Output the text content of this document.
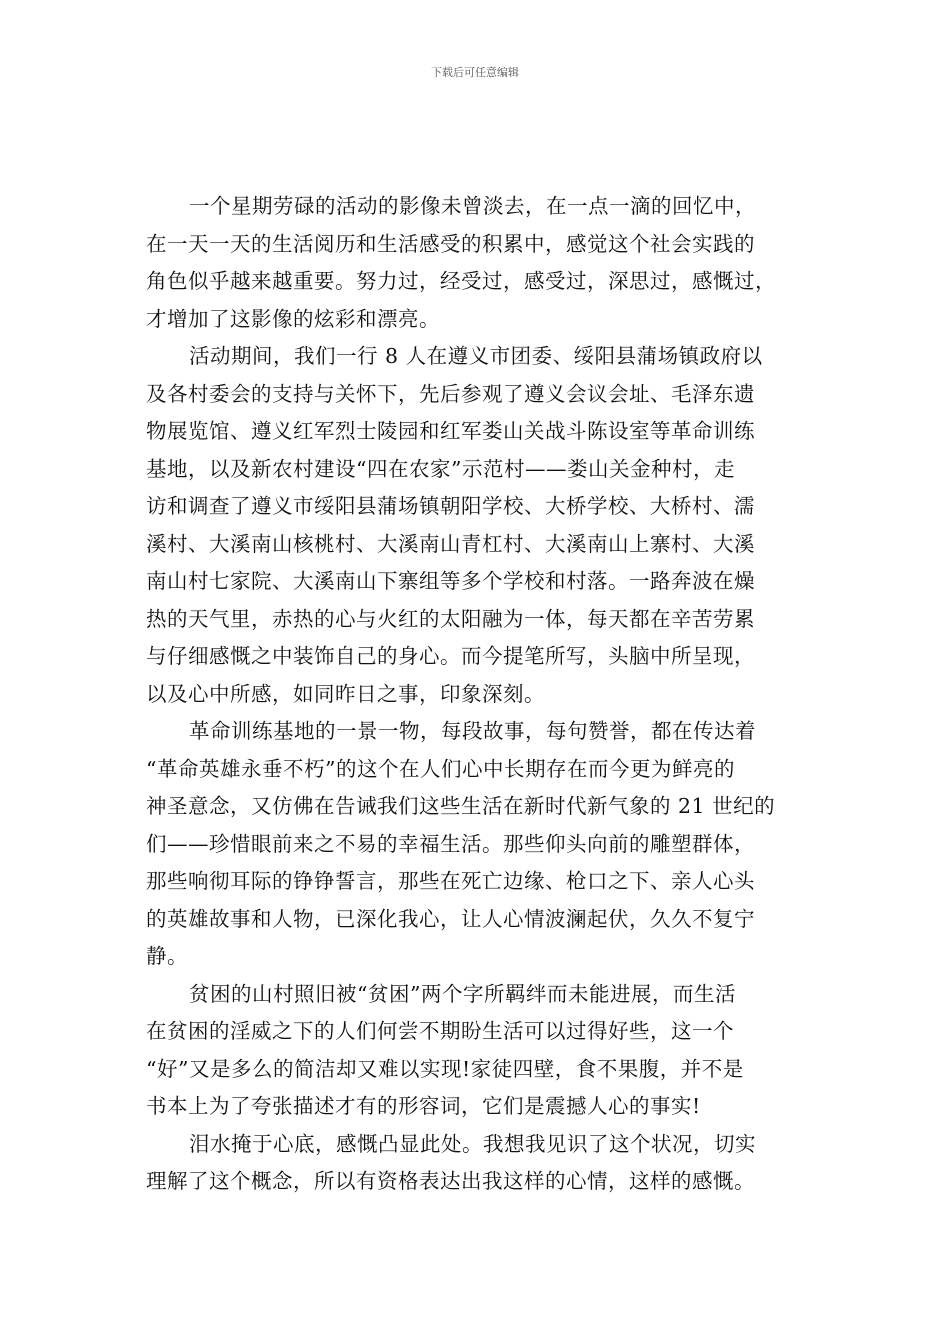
下载后可任意编辑
一个星期劳碌的活动的影像未曾淡去，在一点一滴的回忆中，
在一天一天的生活阅历和生活感受的积累中，感觉这个社会实践的
角色似乎越来越重要。努力过，经受过，感受过，深思过，感慨过，
才增加了这影像的炫彩和漂亮。
活动期间，我们一行 8 人在遵义市团委、绥阳县蒲场镇政府以
及各村委会的支持与关怀下，先后参观了遵义会议会址、毛泽东遗
物展览馆、遵义红军烈士陵园和红军娄山关战斗陈设室等革命训练
基地，以及新农村建设“四在农家”示范村——娄山关金种村，走
访和调查了遵义市绥阳县蒲场镇朝阳学校、大桥学校、大桥村、濡
溪村、大溪南山核桃村、大溪南山青杠村、大溪南山上寨村、大溪
南山村七家院、大溪南山下寨组等多个学校和村落。一路奔波在燥
热的天气里，赤热的心与火红的太阳融为一体，每天都在辛苦劳累
与仔细感慨之中装饰自己的身心。而今提笔所写，头脑中所呈现，
以及心中所感，如同昨日之事，印象深刻。
革命训练基地的一景一物，每段故事，每句赞誉，都在传达着
“革命英雄永垂不朽”的这个在人们心中长期存在而今更为鲜亮的
神圣意念，又仿佛在告诫我们这些生活在新时代新气象的 21 世纪的
们——珍惜眼前来之不易的幸福生活。那些仰头向前的雕塑群体，
那些响彻耳际的铮铮誓言，那些在死亡边缘、枪口之下、亲人心头
的英雄故事和人物，已深化我心，让人心情波澜起伏，久久不复宁
静。
贫困的山村照旧被“贫困”两个字所羁绊而未能进展，而生活
在贫困的淫威之下的人们何尝不期盼生活可以过得好些，这一个
“好”又是多么的简洁却又难以实现!家徒四壁，食不果腹，并不是
书本上为了夸张描述才有的形容词，它们是震撼人心的事实!
泪水掩于心底，感慨凸显此处。我想我见识了这个状况，切实
理解了这个概念，所以有资格表达出我这样的心情，这样的感慨。
